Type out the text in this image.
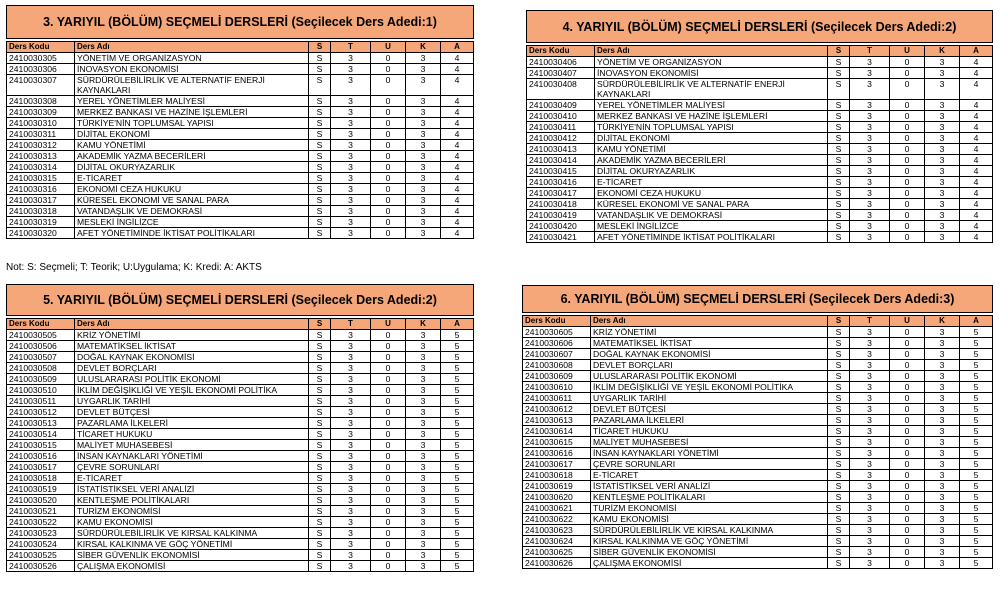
3. YARIYIL (BÖLÜM) SEÇMELİ DERSLERİ (Seçilecek Ders Adedi:1)
Ders Kodu	Ders Adı	S	T	U	K	A
2410030305	YÖNETİM VE ORGANİZASYON	S	3	0	3	4
2410030306	İNOVASYON EKONOMİSİ	S	3	0	3	4
2410030307	SÜRDÜRÜLEBİLİRLİK VE ALTERNATİF ENERJİ KAYNAKLARI	S	3	0	3	4
2410030308	YEREL YÖNETİMLER MALİYESİ	S	3	0	3	4
2410030309	MERKEZ BANKASI VE HAZİNE İŞLEMLERİ	S	3	0	3	4
2410030310	TÜRKİYE'NİN TOPLUMSAL YAPISI	S	3	0	3	4
2410030311	DİJİTAL EKONOMİ	S	3	0	3	4
2410030312	KAMU YÖNETİMİ	S	3	0	3	4
2410030313	AKADEMİK YAZMA BECERİLERİ	S	3	0	3	4
2410030314	DİJİTAL OKURYAZARLIK	S	3	0	3	4
2410030315	E-TİCARET	S	3	0	3	4
2410030316	EKONOMİ CEZA HUKUKU	S	3	0	3	4
2410030317	KÜRESEL EKONOMİ VE SANAL PARA	S	3	0	3	4
2410030318	VATANDAŞLIK VE DEMOKRASİ	S	3	0	3	4
2410030319	MESLEKİ İNGİLİZCE	S	3	0	3	4
2410030320	AFET YÖNETİMİNDE İKTİSAT POLİTİKALARI	S	3	0	3	4
4. YARIYIL (BÖLÜM) SEÇMELİ DERSLERİ (Seçilecek Ders Adedi:2)
Ders Kodu	Ders Adı	S	T	U	K	A
2410030406	YÖNETİM VE ORGANİZASYON	S	3	0	3	4
2410030407	İNOVASYON EKONOMİSİ	S	3	0	3	4
2410030408	SÜRDÜRÜLEBİLİRLİK VE ALTERNATİF ENERJİ KAYNAKLARI	S	3	0	3	4
2410030409	YEREL YÖNETİMLER MALİYESİ	S	3	0	3	4
2410030410	MERKEZ BANKASI VE HAZİNE İŞLEMLERİ	S	3	0	3	4
2410030411	TÜRKİYE'NİN TOPLUMSAL YAPISI	S	3	0	3	4
2410030412	DİJİTAL EKONOMİ	S	3	0	3	4
2410030413	KAMU YÖNETİMİ	S	3	0	3	4
2410030414	AKADEMİK YAZMA BECERİLERİ	S	3	0	3	4
2410030415	DİJİTAL OKURYAZARLIK	S	3	0	3	4
2410030416	E-TİCARET	S	3	0	3	4
2410030417	EKONOMİ CEZA HUKUKU	S	3	0	3	4
2410030418	KÜRESEL EKONOMİ VE SANAL PARA	S	3	0	3	4
2410030419	VATANDAŞLIK VE DEMOKRASİ	S	3	0	3	4
2410030420	MESLEKİ İNGİLİZCE	S	3	0	3	4
2410030421	AFET YÖNETİMİNDE İKTİSAT POLİTİKALARI	S	3	0	3	4
Not: S: Seçmeli; T: Teorik; U:Uygulama; K: Kredi: A: AKTS
5. YARIYIL (BÖLÜM) SEÇMELİ DERSLERİ (Seçilecek Ders Adedi:2)
Ders Kodu	Ders Adı	S	T	U	K	A
2410030505	KRİZ YÖNETİMİ	S	3	0	3	5
2410030506	MATEMATİKSEL İKTİSAT	S	3	0	3	5
2410030507	DOĞAL KAYNAK EKONOMİSİ	S	3	0	3	5
2410030508	DEVLET BORÇLARI	S	3	0	3	5
2410030509	ULUSLARARASI POLİTİK EKONOMİ	S	3	0	3	5
2410030510	İKLİM DEĞİŞİKLİĞİ VE YEŞİL EKONOMİ POLİTİKA	S	3	0	3	5
2410030511	UYGARLIK TARİHİ	S	3	0	3	5
2410030512	DEVLET BÜTÇESİ	S	3	0	3	5
2410030513	PAZARLAMA İLKELERİ	S	3	0	3	5
2410030514	TİCARET HUKUKU	S	3	0	3	5
2410030515	MALİYET MUHASEBESİ	S	3	0	3	5
2410030516	İNSAN KAYNAKLARI YÖNETİMİ	S	3	0	3	5
2410030517	ÇEVRE SORUNLARI	S	3	0	3	5
2410030518	E-TİCARET	S	3	0	3	5
2410030519	İSTATİSTİKSEL VERİ ANALİZİ	S	3	0	3	5
2410030520	KENTLEŞME POLİTİKALARI	S	3	0	3	5
2410030521	TURİZM EKONOMİSİ	S	3	0	3	5
2410030522	KAMU EKONOMİSİ	S	3	0	3	5
2410030523	SÜRDÜRÜLEBİLİRLİK VE KIRSAL KALKINMA	S	3	0	3	5
2410030524	KIRSAL KALKINMA VE GÖÇ YÖNETİMİ	S	3	0	3	5
2410030525	SİBER GÜVENLİK EKONOMİSİ	S	3	0	3	5
2410030526	ÇALIŞMA EKONOMİSİ	S	3	0	3	5
6. YARIYIL (BÖLÜM) SEÇMELİ DERSLERİ (Seçilecek Ders Adedi:3)
Ders Kodu	Ders Adı	S	T	U	K	A
2410030605	KRİZ YÖNETİMİ	S	3	0	3	5
2410030606	MATEMATİKSEL İKTİSAT	S	3	0	3	5
2410030607	DOĞAL KAYNAK EKONOMİSİ	S	3	0	3	5
2410030608	DEVLET BORÇLARI	S	3	0	3	5
2410030609	ULUSLARARASI POLİTİK EKONOMİ	S	3	0	3	5
2410030610	İKLİM DEĞİŞİKLİĞİ VE YEŞİL EKONOMİ POLİTİKA	S	3	0	3	5
2410030611	UYGARLIK TARİHİ	S	3	0	3	5
2410030612	DEVLET BÜTÇESİ	S	3	0	3	5
2410030613	PAZARLAMA İLKELERİ	S	3	0	3	5
2410030614	TİCARET HUKUKU	S	3	0	3	5
2410030615	MALİYET MUHASEBESİ	S	3	0	3	5
2410030616	İNSAN KAYNAKLARI YÖNETİMİ	S	3	0	3	5
2410030617	ÇEVRE SORUNLARI	S	3	0	3	5
2410030618	E-TİCARET	S	3	0	3	5
2410030619	İSTATİSTİKSEL VERİ ANALİZİ	S	3	0	3	5
2410030620	KENTLEŞME POLİTİKALARI	S	3	0	3	5
2410030621	TURİZM EKONOMİSİ	S	3	0	3	5
2410030622	KAMU EKONOMİSİ	S	3	0	3	5
2410030623	SÜRDÜRÜLEBİLİRLİK VE KIRSAL KALKINMA	S	3	0	3	5
2410030624	KIRSAL KALKINMA VE GÖÇ YÖNETİMİ	S	3	0	3	5
2410030625	SİBER GÜVENLİK EKONOMİSİ	S	3	0	3	5
2410030626	ÇALIŞMA EKONOMİSİ	S	3	0	3	5
